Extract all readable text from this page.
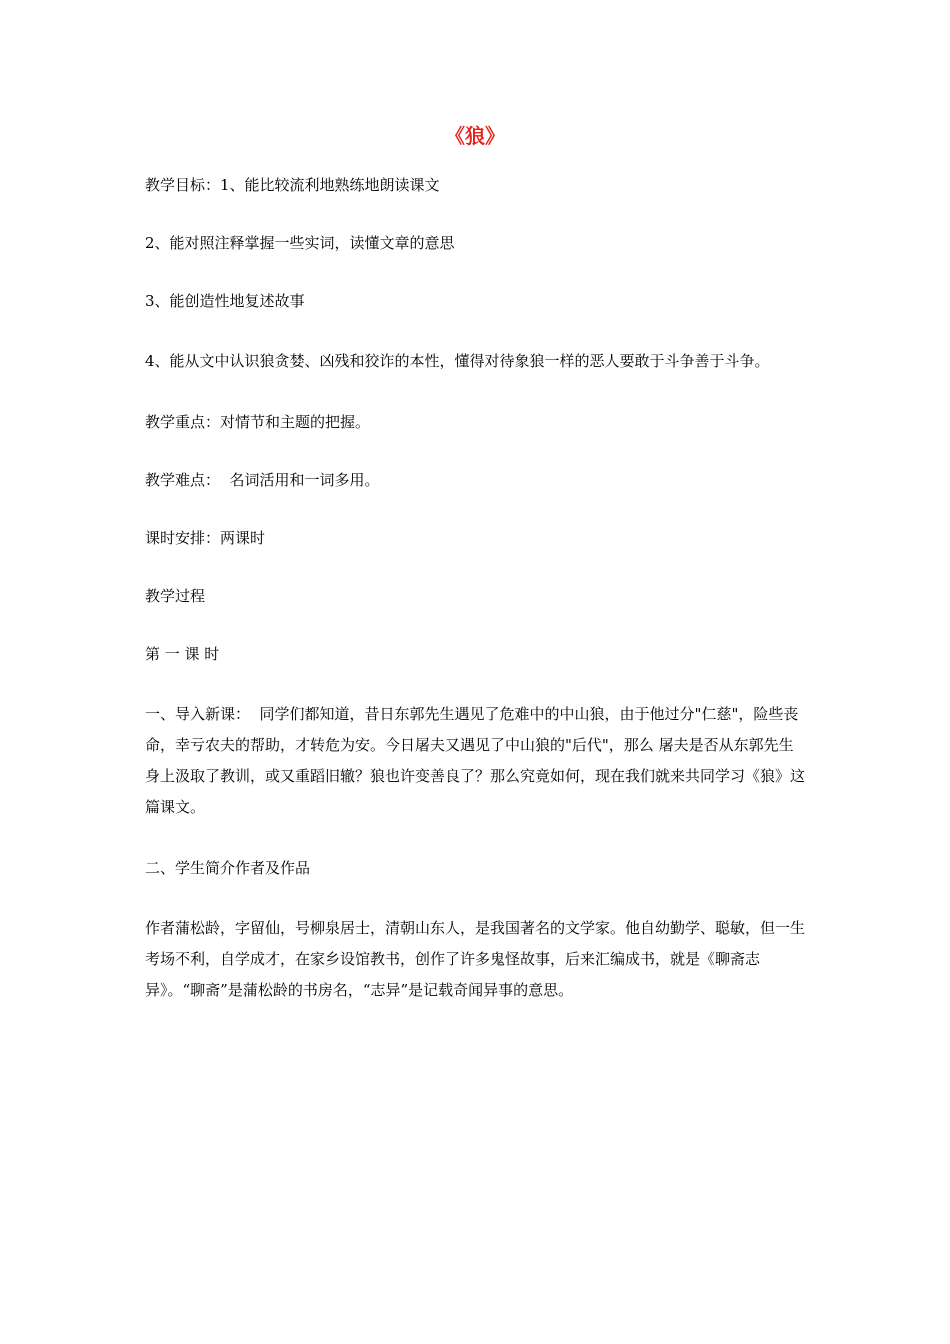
《狼》

教学目标：1、能比较流利地熟练地朗读课文

2、能对照注释掌握一些实词，读懂文章的意思

3、能创造性地复述故事

4、能从文中认识狼贪婪、凶残和狡诈的本性，懂得对待象狼一样的恶人要敢于斗争善于斗争。

教学重点：对情节和主题的把握。

教学难点：  名词活用和一词多用。

课时安排：两课时

教学过程

第 一 课 时

一、导入新课：  同学们都知道，昔日东郭先生遇见了危难中的中山狼，由于他过分"仁慈"，险些丧命，幸亏农夫的帮助，才转危为安。今日屠夫又遇见了中山狼的"后代"，那么 屠夫是否从东郭先生身上汲取了教训，或又重蹈旧辙？狼也许变善良了？那么究竟如何，现在我们就来共同学习《狼》这篇课文。

二、学生简介作者及作品

作者蒲松龄，字留仙，号柳泉居士，清朝山东人，是我国著名的文学家。他自幼勤学、聪敏，但一生考场不利，自学成才，在家乡设馆教书，创作了许多鬼怪故事，后来汇编成书，就是《聊斋志异》。“聊斋”是蒲松龄的书房名，“志异”是记载奇闻异事的意思。
